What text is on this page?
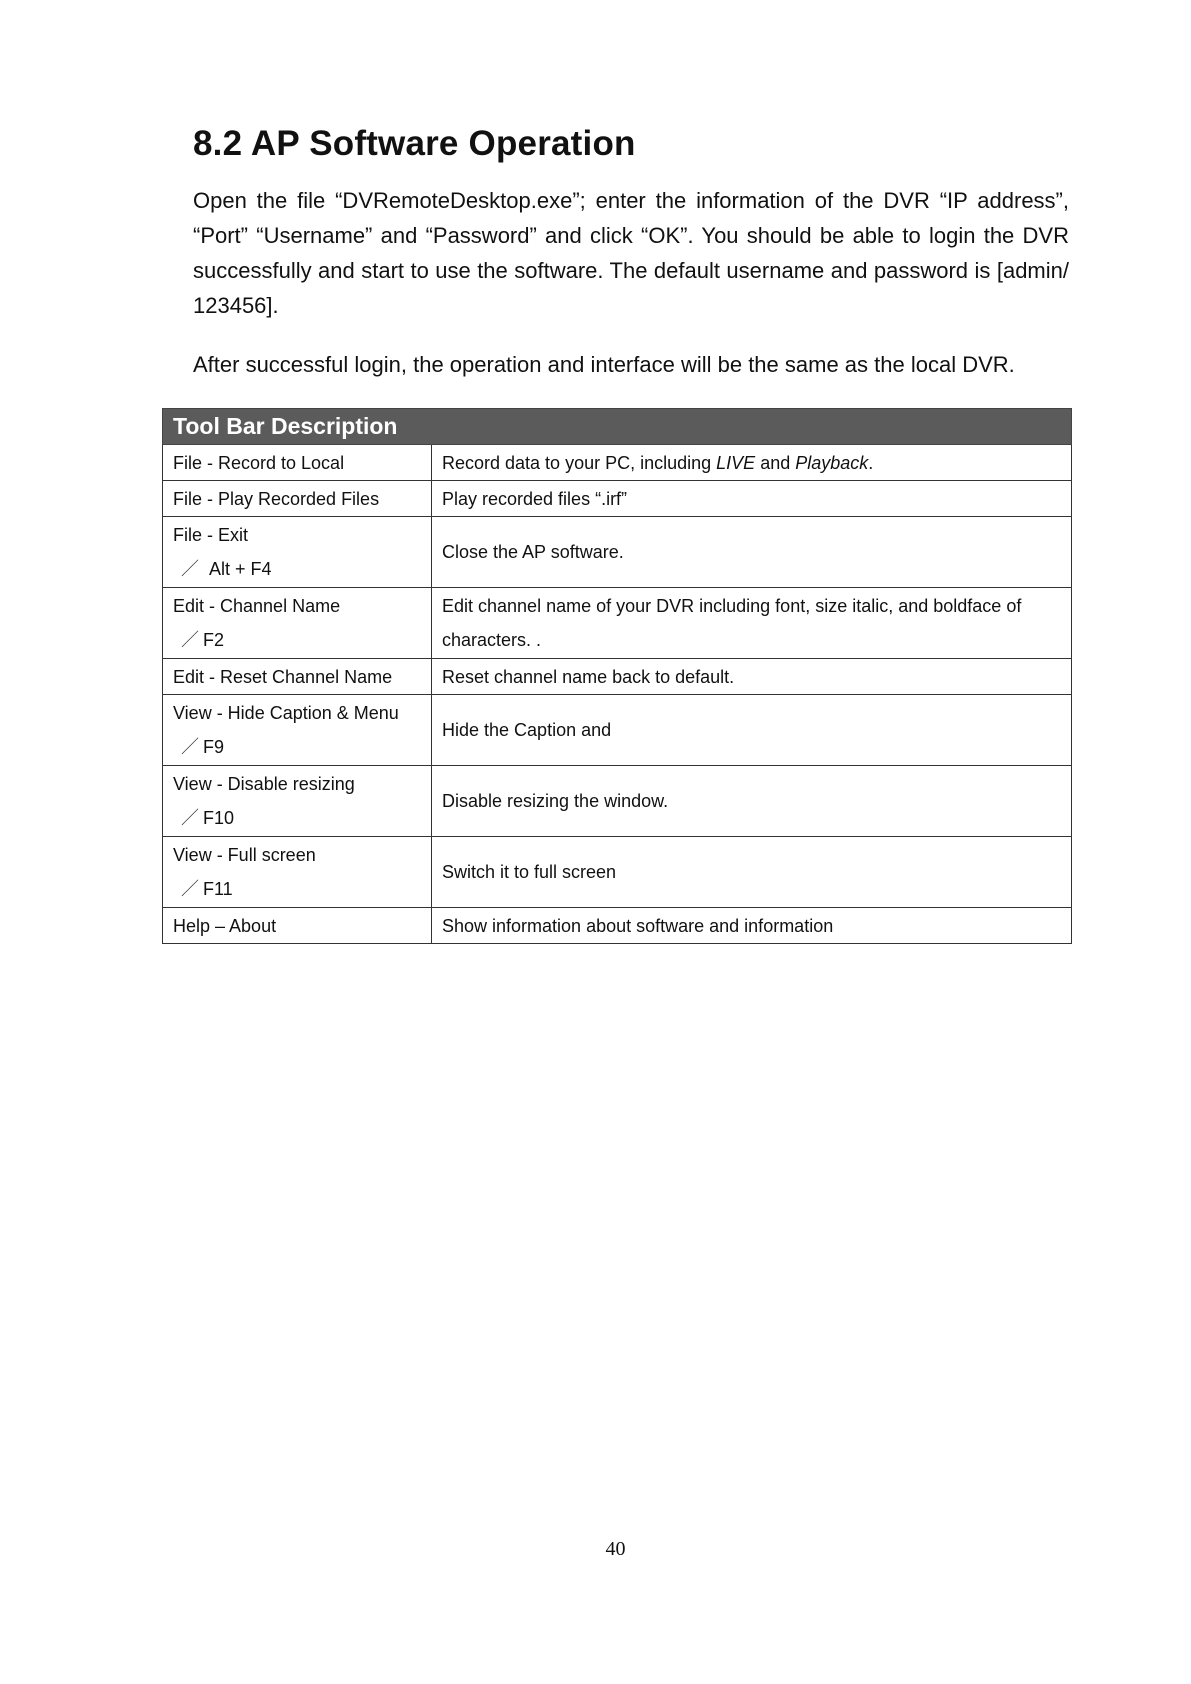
8.2 AP Software Operation

Open the file “DVRemoteDesktop.exe”; enter the information of the DVR “IP address”, “Port” “Username” and “Password” and click “OK”. You should be able to login the DVR successfully and start to use the software. The default username and password is [admin/ 123456].

After successful login, the operation and interface will be the same as the local DVR.

Tool Bar Description	
File - Record to Local	Record data to your PC, including LIVE and Playback.
File - Play Recorded Files	Play recorded files “.irf”

File - Exit
／ Alt + F4	Close the AP software.

Edit - Channel Name
／ F2	Edit channel name of your DVR including font, size italic, and boldface of characters. .
Edit - Reset Channel Name	Reset channel name back to default.

View - Hide Caption & Menu
／ F9	Hide the Caption and

View - Disable resizing
／ F10	Disable resizing the window.

View - Full screen
／ F11	Switch it to full screen
Help – About	Show information about software and information
40
